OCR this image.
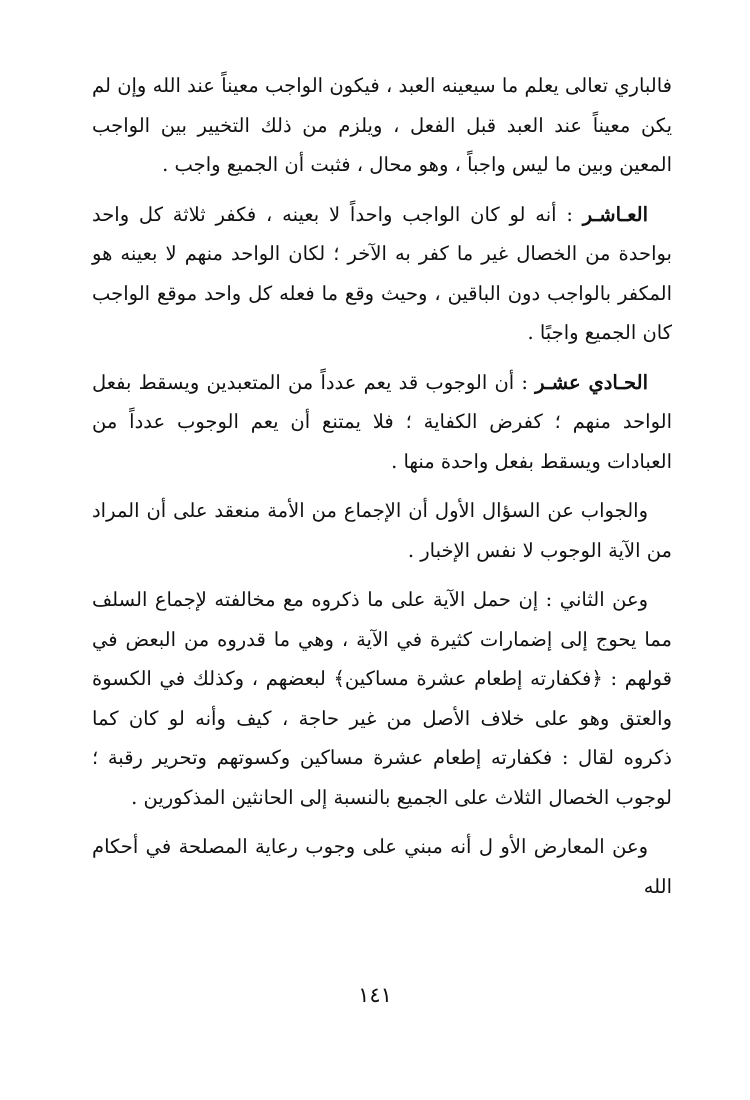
فالباري تعالى يعلم ما سيعينه العبد ، فيكون الواجب معيناً عند الله وإن لم يكن معيناً عند العبد قبل الفعل ، ويلزم من ذلك التخيير بين الواجب المعين وبين ما ليس واجباً ، وهو محال ، فثبت أن الجميع واجب .

العـاشـر : أنه لو كان الواجب واحداً لا بعينه ، فكفر ثلاثة كل واحد بواحدة من الخصال غير ما كفر به الآخر ؛ لكان الواحد منهم لا بعينه هو المكفر بالواجب دون الباقين ، وحيث وقع ما فعله كل واحد موقع الواجب كان الجميع واجبًا .

الحـادي عشـر : أن الوجوب قد يعم عدداً من المتعبدين ويسقط بفعل الواحد منهم ؛ كفرض الكفاية ؛ فلا يمتنع أن يعم الوجوب عدداً من العبادات ويسقط بفعل واحدة منها .

والجواب عن السؤال الأول أن الإجماع من الأمة منعقد على أن المراد من الآية الوجوب لا نفس الإخبار .

وعن الثاني : إن حمل الآية على ما ذكروه مع مخالفته لإجماع السلف مما يحوج إلى إضمارات كثيرة في الآية ، وهي ما قدروه من البعض في قولهم : ﴿فكفارته إطعام عشرة مساكين﴾ لبعضهم ، وكذلك في الكسوة والعتق وهو على خلاف الأصل من غير حاجة ، كيف وأنه لو كان كما ذكروه لقال : فكفارته إطعام عشرة مساكين وكسوتهم وتحرير رقبة ؛ لوجوب الخصال الثلاث على الجميع بالنسبة إلى الحانثين المذكورين .

وعن المعارض الأو ل أنه مبني على وجوب رعاية المصلحة في أحكام الله

١٤١
